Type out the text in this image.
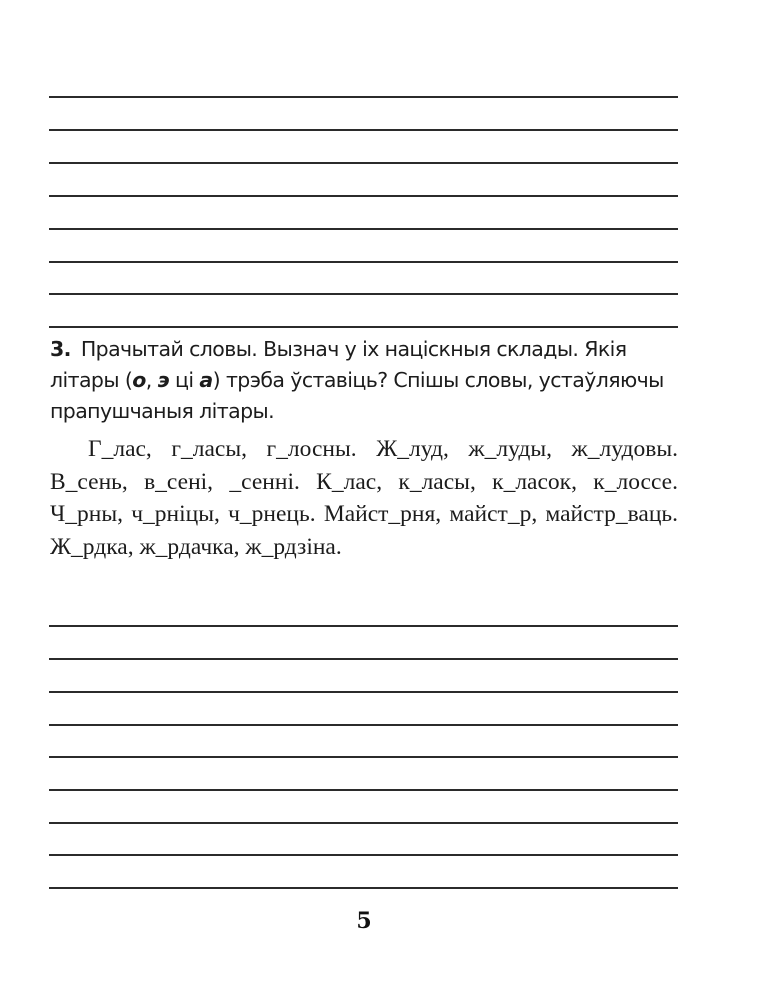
3. Прачытай словы. Вызнач у іх націскныя склады. Якія літары (о, э ці а) трэба ўставіць? Спішы словы, устаўляючы прапушчаныя літары.
Г_лас, г_ласы, г_лосны. Ж_луд, ж_луды, ж_лудовы. В_сень, в_сені, _сенні. К_лас, к_ласы, к_ласок, к_лоссе. Ч_рны, ч_рніцы, ч_рнець. Майст_рня, майст_р, майстр_ваць. Ж_рдка, ж_рдачка, ж_рдзіна.
5
